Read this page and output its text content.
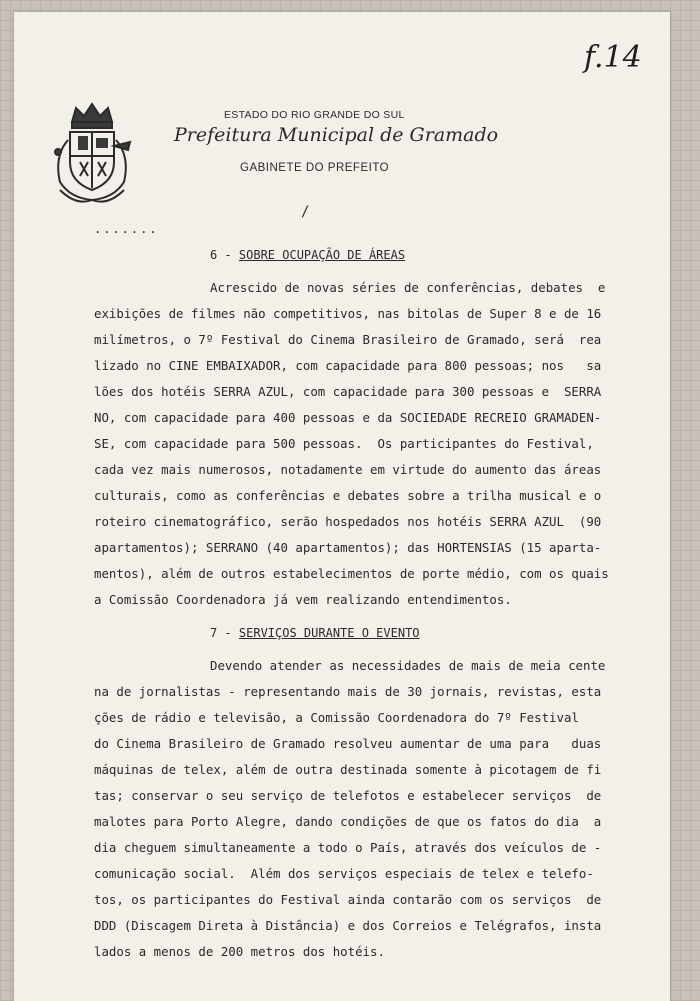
ESTADO DO RIO GRANDE DO SUL
Prefeitura Municipal de Gramado
GABINETE DO PREFEITO
f.14
.......
/
6 - SOBRE OCUPAÇÃO DE ÁREAS
Acrescido de novas séries de conferências, debates  e
exibições de filmes não competitivos, nas bitolas de Super 8 e de 16
milímetros, o 7º Festival do Cinema Brasileiro de Gramado, será  rea
lizado no CINE EMBAIXADOR, com capacidade para 800 pessoas; nos   sa
lões dos hotéis SERRA AZUL, com capacidade para 300 pessoas e  SERRA
NO, com capacidade para 400 pessoas e da SOCIEDADE RECREIO GRAMADEN-
SE, com capacidade para 500 pessoas.  Os participantes do Festival,
cada vez mais numerosos, notadamente em virtude do aumento das áreas
culturais, como as conferências e debates sobre a trilha musical e o
roteiro cinematográfico, serão hospedados nos hotéis SERRA AZUL  (90
apartamentos); SERRANO (40 apartamentos); das HORTENSIAS (15 aparta-
mentos), além de outros estabelecimentos de porte médio, com os quais
a Comissão Coordenadora já vem realizando entendimentos.
7 - SERVIÇOS DURANTE O EVENTO
Devendo atender as necessidades de mais de meia cente
na de jornalistas - representando mais de 30 jornais, revistas, esta
ções de rádio e televisão, a Comissão Coordenadora do 7º Festival
do Cinema Brasileiro de Gramado resolveu aumentar de uma para   duas
máquinas de telex, além de outra destinada somente à picotagem de fi
tas; conservar o seu serviço de telefotos e estabelecer serviços  de
malotes para Porto Alegre, dando condições de que os fatos do dia  a
dia cheguem simultaneamente a todo o País, através dos veículos de -
comunicação social.  Além dos serviços especiais de telex e telefo-
tos, os participantes do Festival ainda contarão com os serviços  de
DDD (Discagem Direta à Distância) e dos Correios e Telégrafos, insta
lados a menos de 200 metros dos hotéis.
